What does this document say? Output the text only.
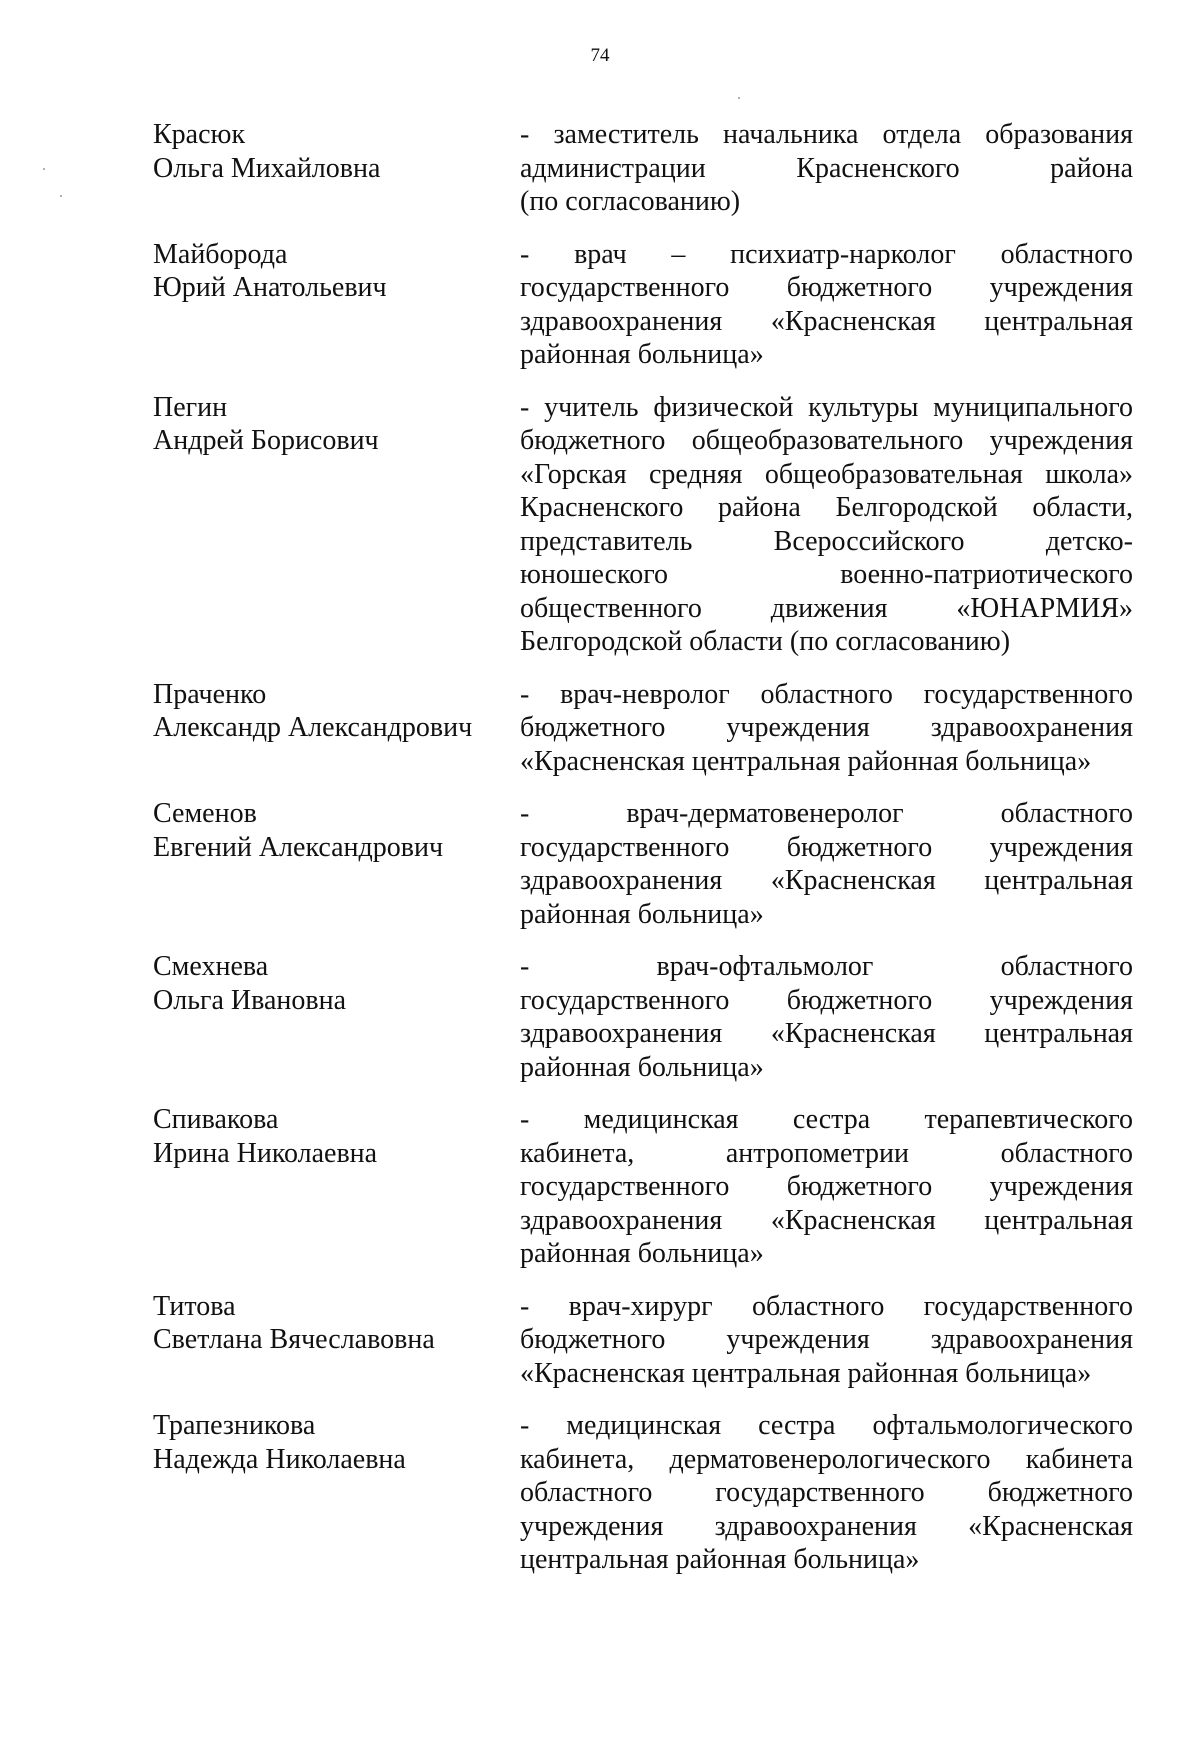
74
Красюк
Ольга Михайловна
- заместитель начальника отдела образования
администрации Красненского района
(по согласованию)
Майборода
Юрий Анатольевич
- врач – психиатр-нарколог областного
государственного бюджетного учреждения
здравоохранения «Красненская центральная
районная больница»
Пегин
Андрей Борисович
- учитель физической культуры муниципального
бюджетного общеобразовательного учреждения
«Горская средняя общеобразовательная школа»
Красненского района Белгородской области,
представитель Всероссийского детско-
юношеского военно-патриотического
общественного движения «ЮНАРМИЯ»
Белгородской области (по согласованию)
Праченко
Александр Александрович
- врач-невролог областного государственного
бюджетного учреждения здравоохранения
«Красненская центральная районная больница»
Семенов
Евгений Александрович
- врач-дерматовенеролог областного
государственного бюджетного учреждения
здравоохранения «Красненская центральная
районная больница»
Смехнева
Ольга Ивановна
- врач-офтальмолог областного
государственного бюджетного учреждения
здравоохранения «Красненская центральная
районная больница»
Спивакова
Ирина Николаевна
- медицинская сестра терапевтического
кабинета, антропометрии областного
государственного бюджетного учреждения
здравоохранения «Красненская центральная
районная больница»
Титова
Светлана Вячеславовна
- врач-хирург областного государственного
бюджетного учреждения здравоохранения
«Красненская центральная районная больница»
Трапезникова
Надежда Николаевна
- медицинская сестра офтальмологического
кабинета, дерматовенерологического кабинета
областного государственного бюджетного
учреждения здравоохранения «Красненская
центральная районная больница»
